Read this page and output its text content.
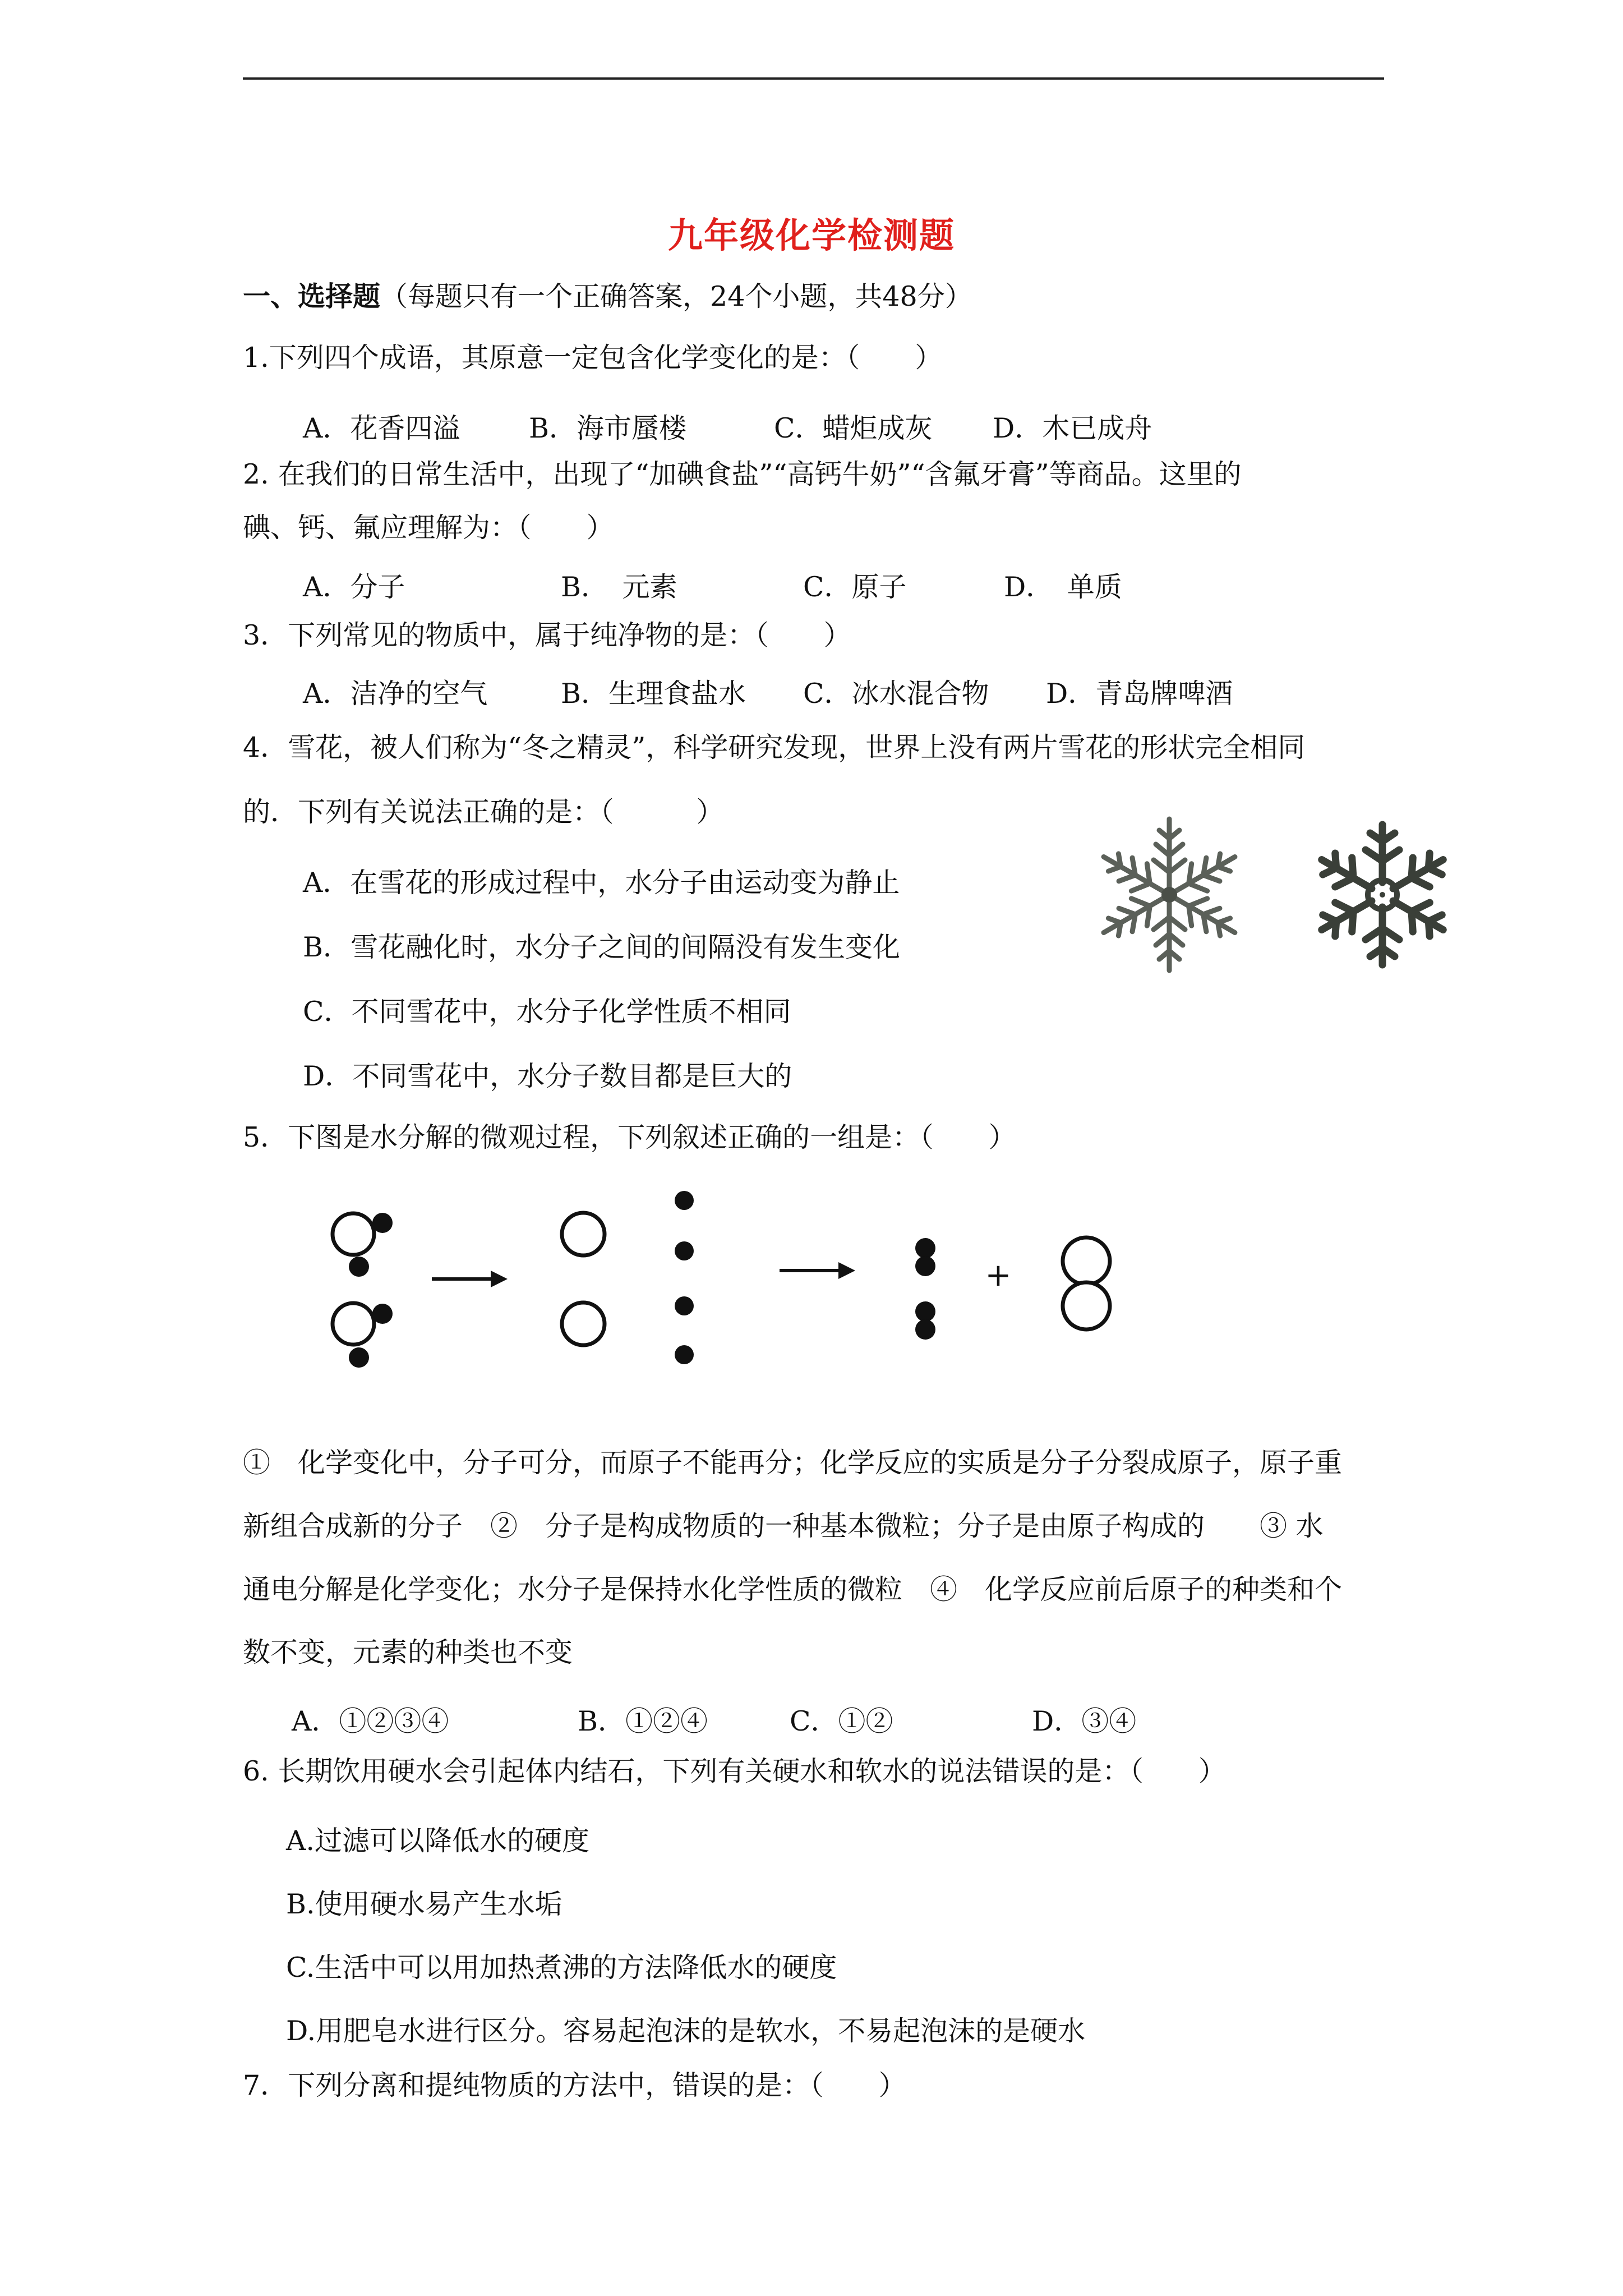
九年级化学检测题
一、选择题（每题只有一个正确答案，24个小题，共48分）
1.下列四个成语，其原意一定包含化学变化的是：（　　）
A．花香四溢	B．海市蜃楼	C．蜡炬成灰 D．木已成舟
2. 在我们的日常生活中，出现了“加碘食盐”“高钙牛奶”“含氟牙膏”等商品。这里的
碘、钙、氟应理解为：（　　）
A．分子	B．　元素	C．原子	D．　单质
3．下列常见的物质中，属于纯净物的是：（　　）
A．洁净的空气	B．生理食盐水 C．冰水混合物 D．青岛牌啤酒
4．雪花，被人们称为“冬之精灵”，科学研究发现，世界上没有两片雪花的形状完全相同
的．下列有关说法正确的是：（　　　）
A．在雪花的形成过程中，水分子由运动变为静止
B．雪花融化时，水分子之间的间隔没有发生变化
C．不同雪花中，水分子化学性质不相同
D．不同雪花中，水分子数目都是巨大的
5．下图是水分解的微观过程，下列叙述正确的一组是：（　　）
+
①　化学变化中，分子可分，而原子不能再分；化学反应的实质是分子分裂成原子，原子重
新组合成新的分子　②　分子是构成物质的一种基本微粒；分子是由原子构成的　　③ 水
通电分解是化学变化；水分子是保持水化学性质的微粒　④　化学反应前后原子的种类和个
数不变，元素的种类也不变
A．①②③④	B．①②④	C．①②	D．③④
6. 长期饮用硬水会引起体内结石，下列有关硬水和软水的说法错误的是：（　　）
A.过滤可以降低水的硬度
B.使用硬水易产生水垢
C.生活中可以用加热煮沸的方法降低水的硬度
D.用肥皂水进行区分。容易起泡沫的是软水，不易起泡沫的是硬水
7．下列分离和提纯物质的方法中，错误的是：（　　）
